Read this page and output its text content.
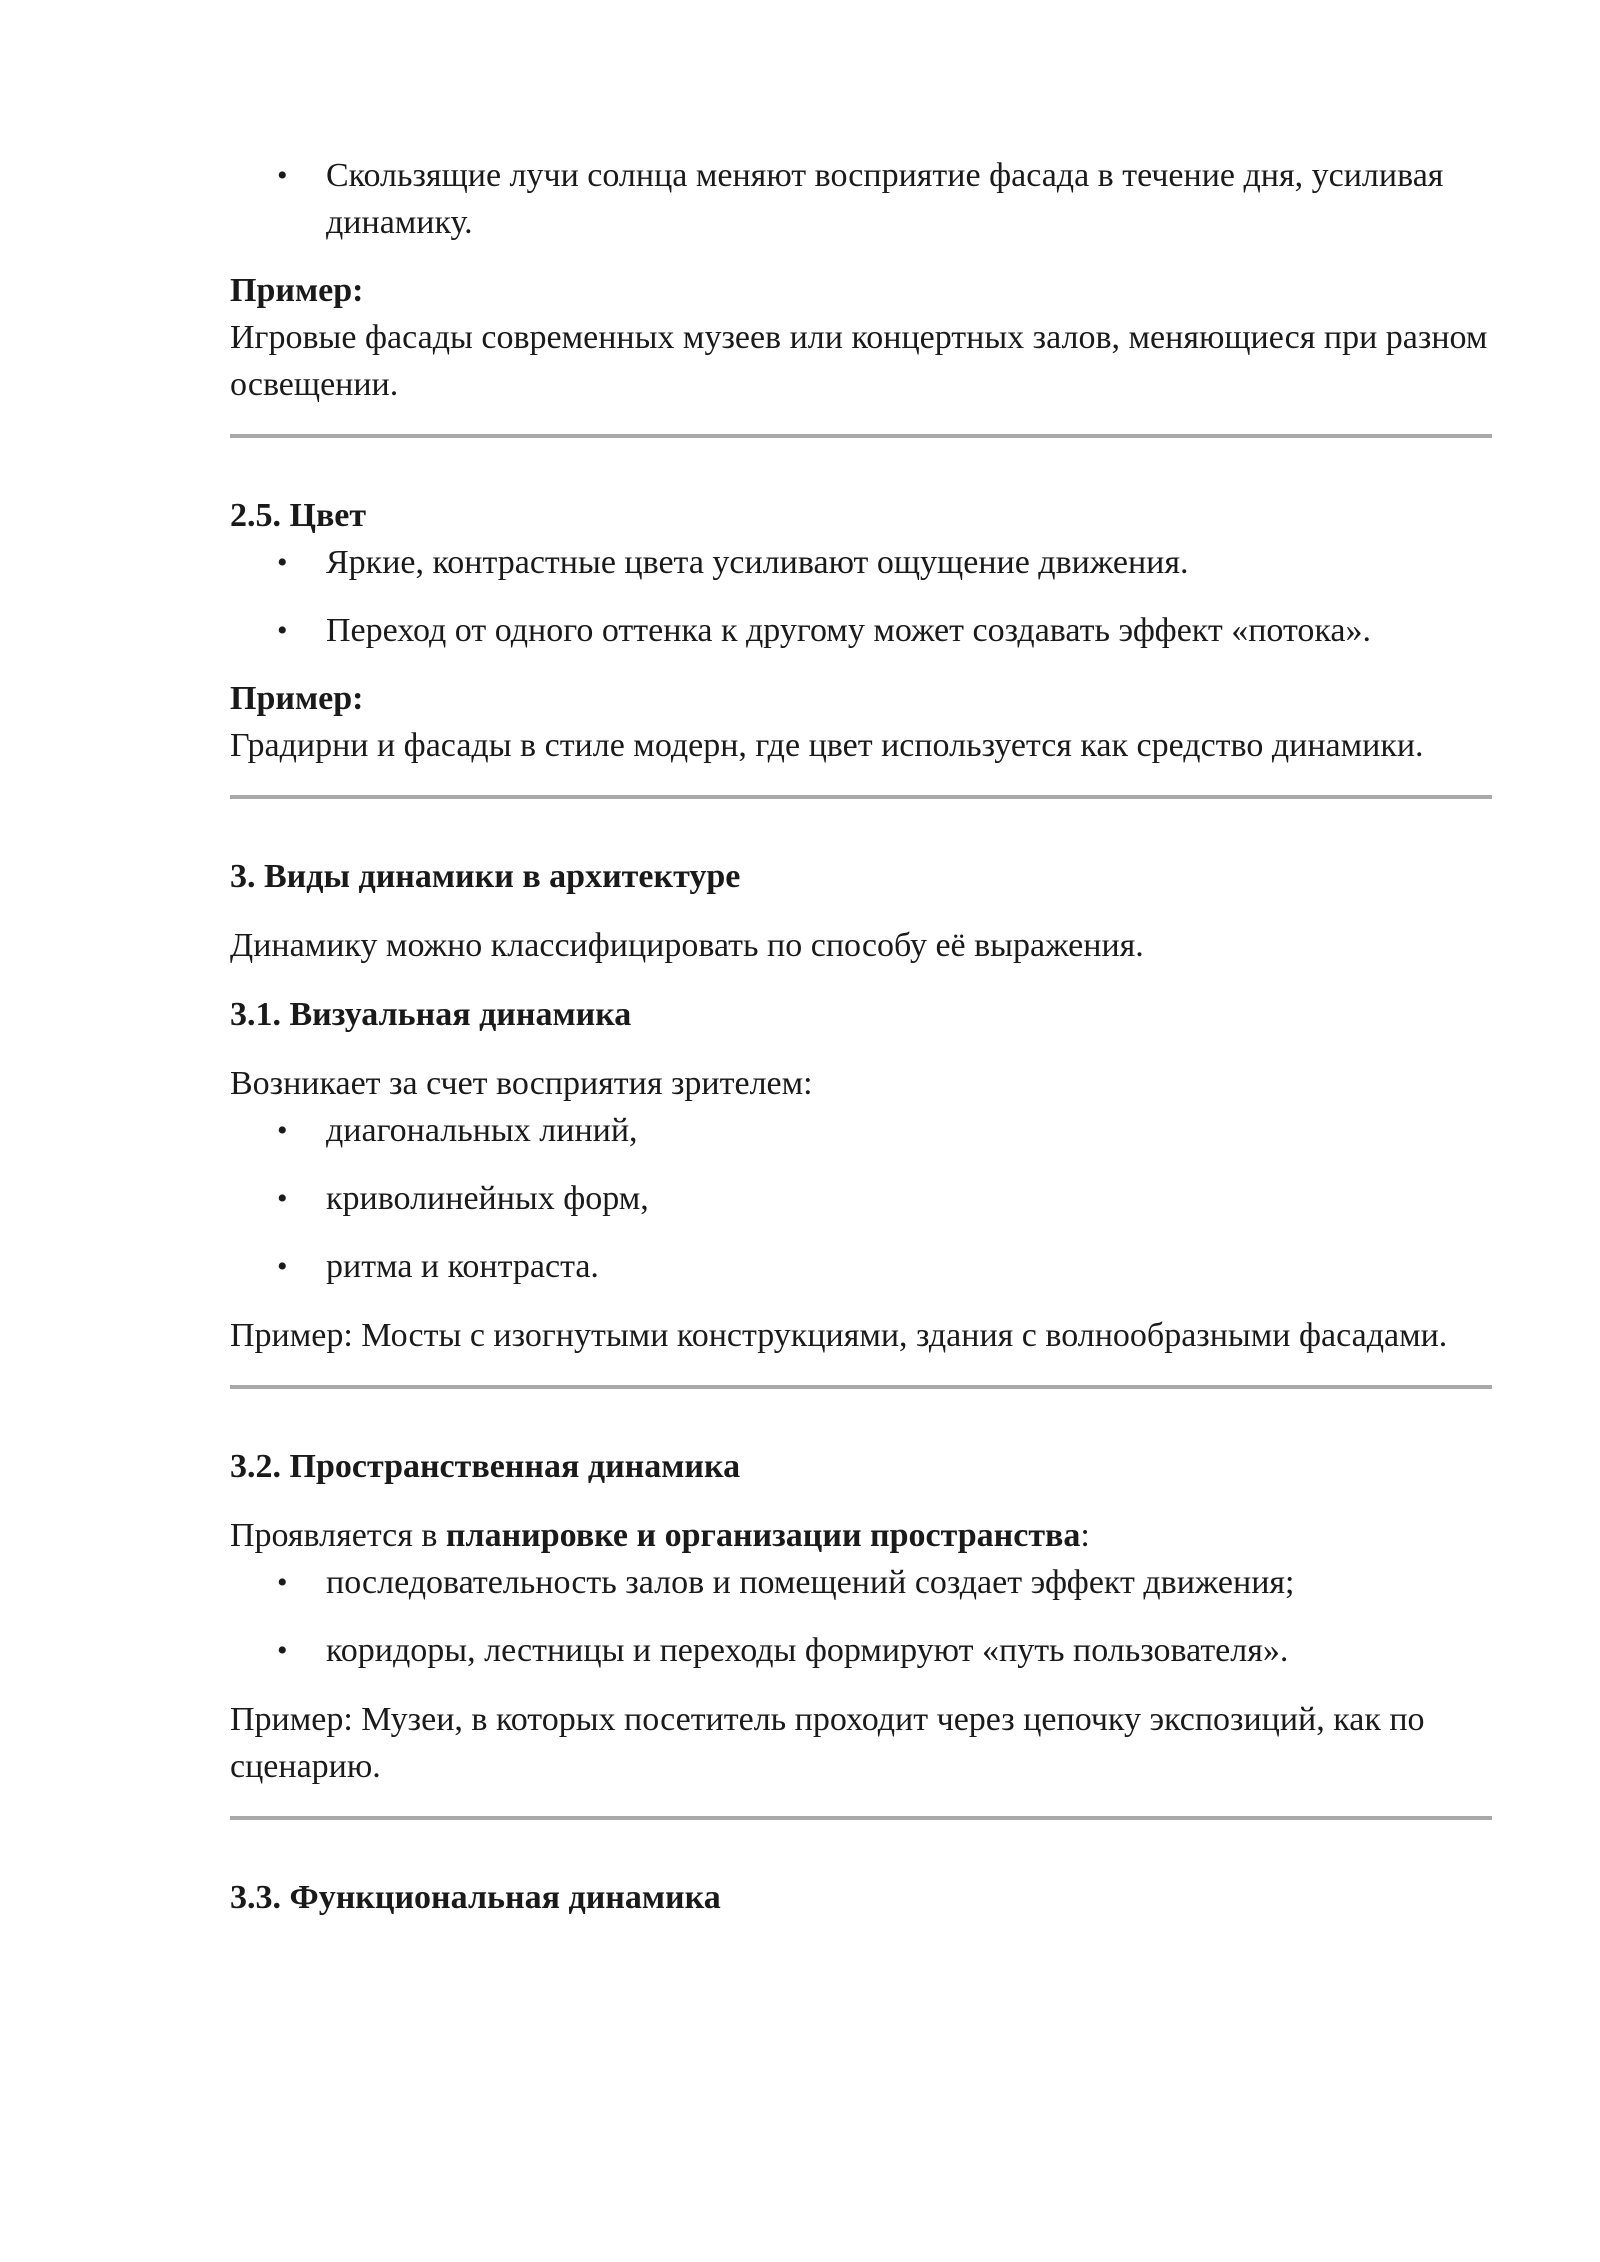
• Скользящие лучи солнца меняют восприятие фасада в течение дня, усиливая динамику.
Пример:

Игровые фасады современных музеев или концертных залов, меняющиеся при разном освещении.

2.5. Цвет
• Яркие, контрастные цвета усиливают ощущение движения.
• Переход от одного оттенка к другому может создавать эффект «потока».
Пример:

Градирни и фасады в стиле модерн, где цвет используется как средство динамики.

3. Виды динамики в архитектуре

Динамику можно классифицировать по способу её выражения.

3.1. Визуальная динамика

Возникает за счет восприятия зрителем:

• диагональных линий,
• криволинейных форм,
• ритма и контраста.

Пример: Мосты с изогнутыми конструкциями, здания с волнообразными фасадами.

3.2. Пространственная динамика

Проявляется в планировке и организации пространства:

• последовательность залов и помещений создает эффект движения;
• коридоры, лестницы и переходы формируют «путь пользователя».

Пример: Музеи, в которых посетитель проходит через цепочку экспозиций, как по сценарию.

3.3. Функциональная динамика
